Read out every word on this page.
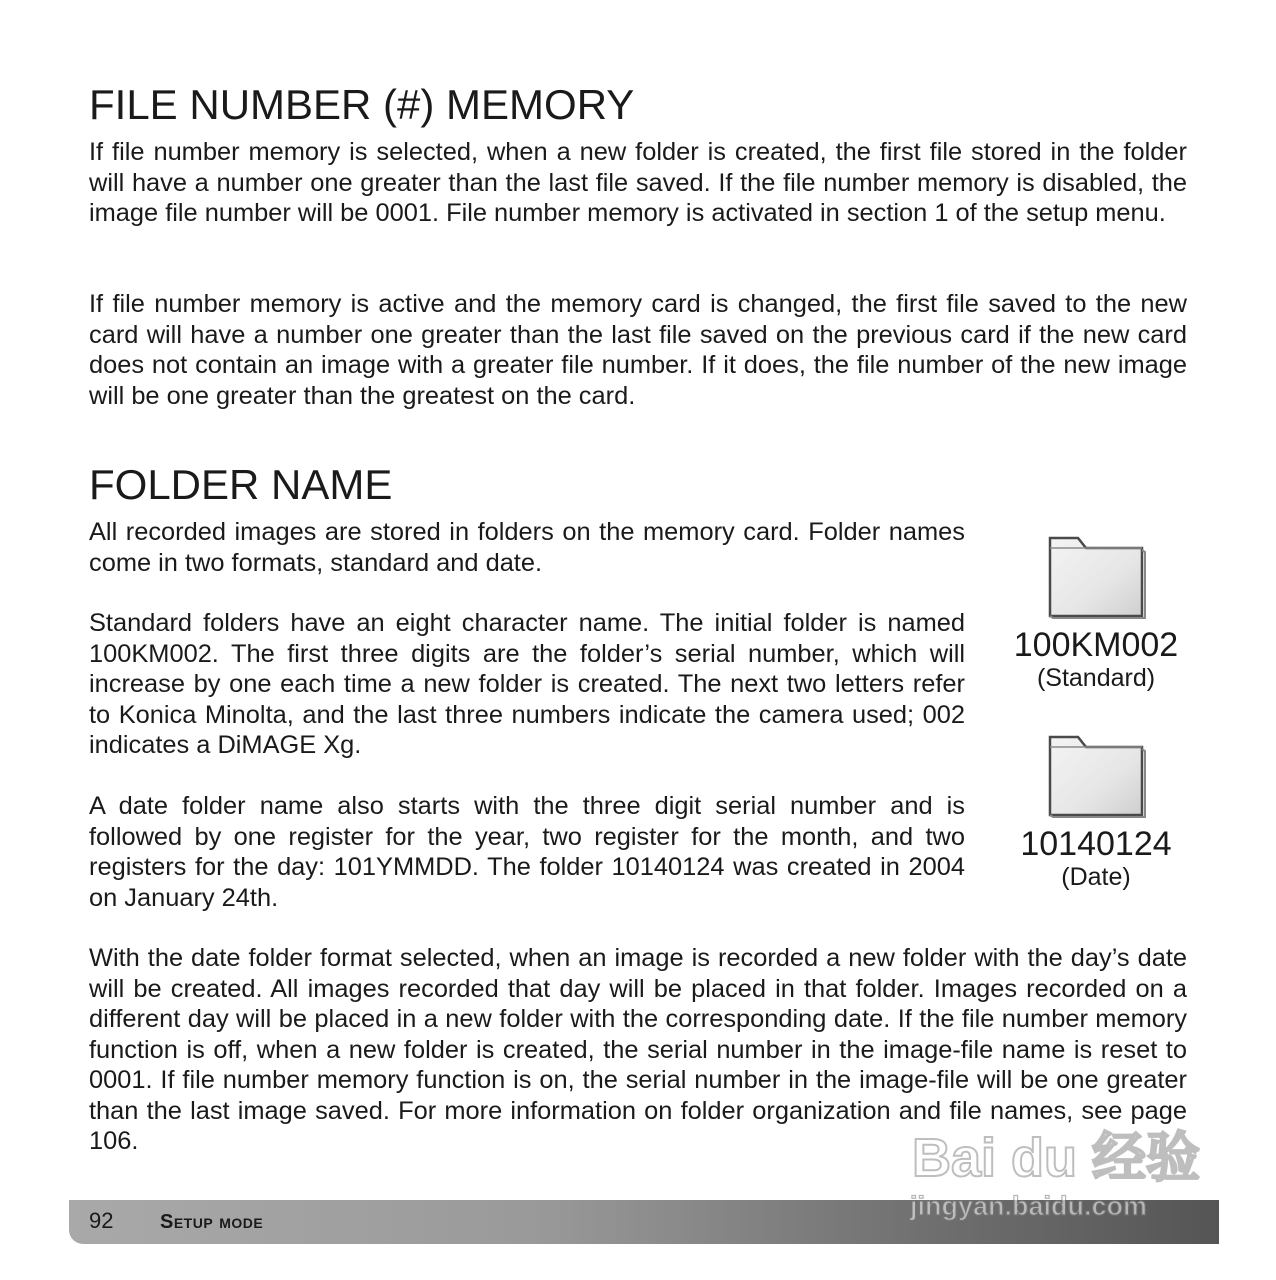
FILE NUMBER (#) MEMORY

If file number memory is selected, when a new folder is created, the first file stored in the folder will have a number one greater than the last file saved. If the file number memory is disabled, the image file number will be 0001. File number memory is activated in section 1 of the setup menu.

If file number memory is active and the memory card is changed, the first file saved to the new card will have a number one greater than the last file saved on the previous card if the new card does not contain an image with a greater file number. If it does, the file number of the new image will be one greater than the greatest on the card.

FOLDER NAME

All recorded images are stored in folders on the memory card. Folder names come in two formats, standard and date.

Standard folders have an eight character name. The initial folder is named 100KM002. The first three digits are the folder’s serial number, which will increase by one each time a new folder is created. The next two letters refer to Konica Minolta, and the last three numbers indicate the camera used; 002 indicates a DiMAGE Xg.

A date folder name also starts with the three digit serial number and is followed by one register for the year, two register for the month, and two registers for the day: 101YMMDD. The folder 10140124 was created in 2004 on January 24th.

With the date folder format selected, when an image is recorded a new folder with the day’s date will be created. All images recorded that day will be placed in that folder. Images recorded on a different day will be placed in a new folder with the corresponding date. If the file number memory function is off, when a new folder is created, the serial number in the image-file name is reset to 0001. If file number memory function is on, the serial number in the image-file will be one greater than the last image saved. For more information on folder organization and file names, see page 106.

100KM002
(Standard)
10140124
(Date)
92 Setup mode
Bai du 经验
jingyan.baidu.com
